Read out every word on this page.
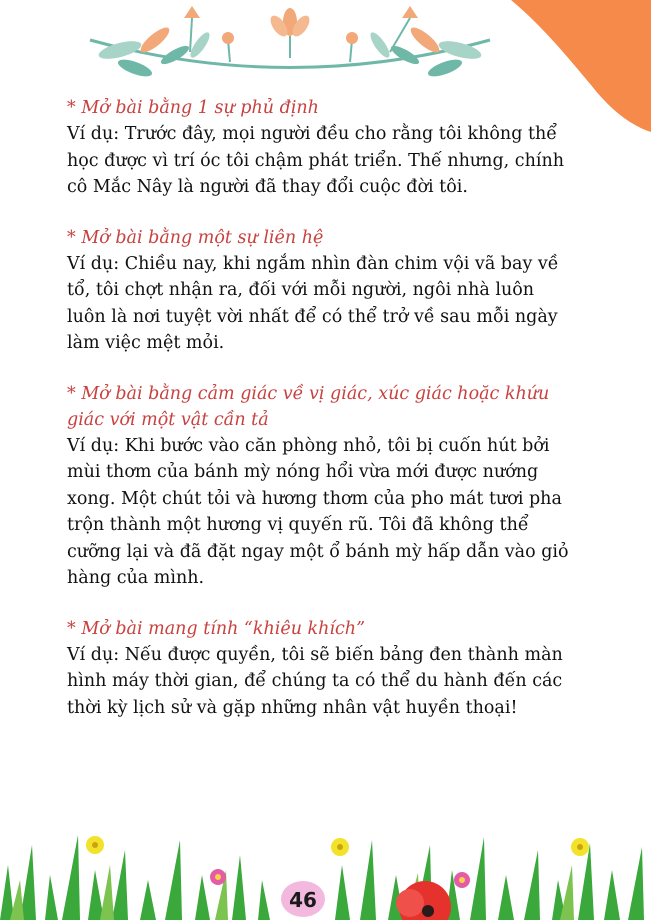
* Mở bài bằng 1 sự phủ định
Ví dụ: Trước đây, mọi người đều cho rằng tôi không thể
học được vì trí óc tôi chậm phát triển. Thế nhưng, chính
cô Mắc Nây là người đã thay đổi cuộc đời tôi.
* Mở bài bằng một sự liên hệ
Ví dụ: Chiều nay, khi ngắm nhìn đàn chim vội vã bay về
tổ, tôi chợt nhận ra, đối với mỗi người, ngôi nhà luôn
luôn là nơi tuyệt vời nhất để có thể trở về sau mỗi ngày
làm việc mệt mỏi.
* Mở bài bằng cảm giác về vị giác, xúc giác hoặc khứu
giác với một vật cần tả
Ví dụ: Khi bước vào căn phòng nhỏ, tôi bị cuốn hút bởi
mùi thơm của bánh mỳ nóng hổi vừa mới được nướng
xong. Một chút tỏi và hương thơm của pho mát tươi pha
trộn thành một hương vị quyến rũ. Tôi đã không thể
cưỡng lại và đã đặt ngay một ổ bánh mỳ hấp dẫn vào giỏ
hàng của mình.
* Mở bài mang tính “khiêu khích”
Ví dụ: Nếu được quyền, tôi sẽ biến bảng đen thành màn
hình máy thời gian, để chúng ta có thể du hành đến các
thời kỳ lịch sử và gặp những nhân vật huyền thoại!
46
